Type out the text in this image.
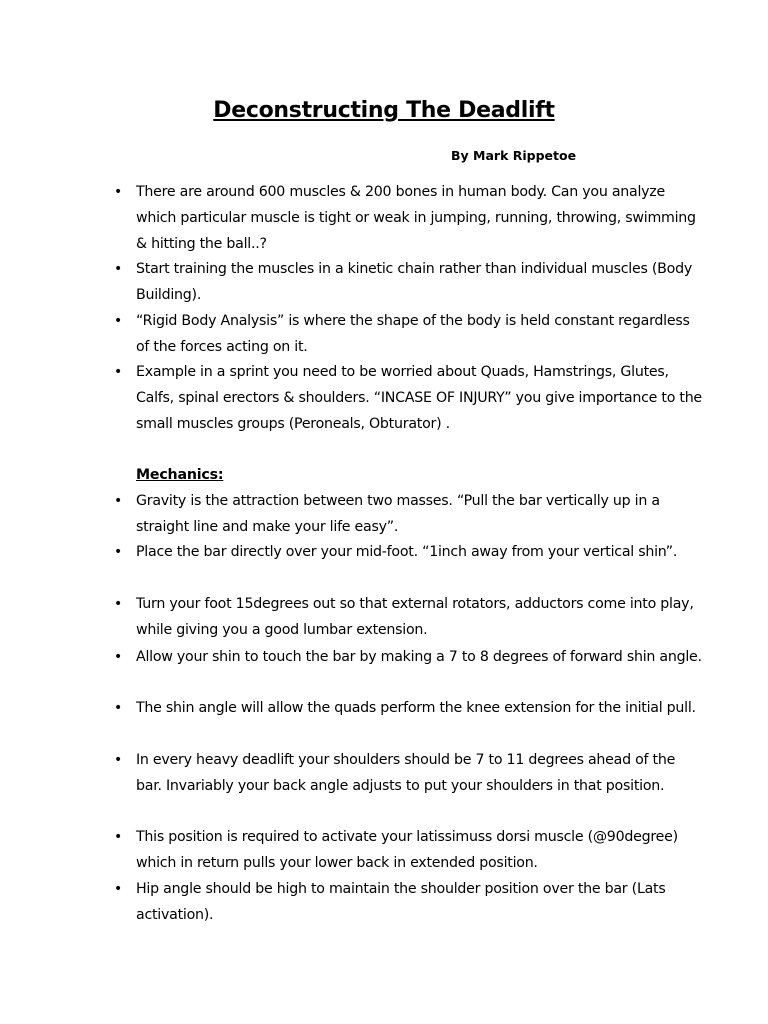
Deconstructing The Deadlift
By Mark Rippetoe
• There are around 600 muscles & 200 bones in human body. Can you analyze which particular muscle is tight or weak in jumping, running, throwing, swimming & hitting the ball..?
• Start training the muscles in a kinetic chain rather than individual muscles (Body Building).
• “Rigid Body Analysis” is where the shape of the body is held constant regardless of the forces acting on it.
• Example in a sprint you need to be worried about Quads, Hamstrings, Glutes, Calfs, spinal erectors & shoulders. “INCASE OF INJURY” you give importance to the small muscles groups (Peroneals, Obturator) .
Mechanics:
• Gravity is the attraction between two masses. “Pull the bar vertically up in a straight line and make your life easy”.
• Place the bar directly over your mid-foot. “1inch away from your vertical shin”.
• Turn your foot 15degrees out so that external rotators, adductors come into play, while giving you a good lumbar extension.
• Allow your shin to touch the bar by making a 7 to 8 degrees of forward shin angle.
• The shin angle will allow the quads perform the knee extension for the initial pull.
• In every heavy deadlift your shoulders should be 7 to 11 degrees ahead of the bar. Invariably your back angle adjusts to put your shoulders in that position.
• This position is required to activate your latissimuss dorsi muscle (@90degree) which in return pulls your lower back in extended position.
• Hip angle should be high to maintain the shoulder position over the bar (Lats activation).
